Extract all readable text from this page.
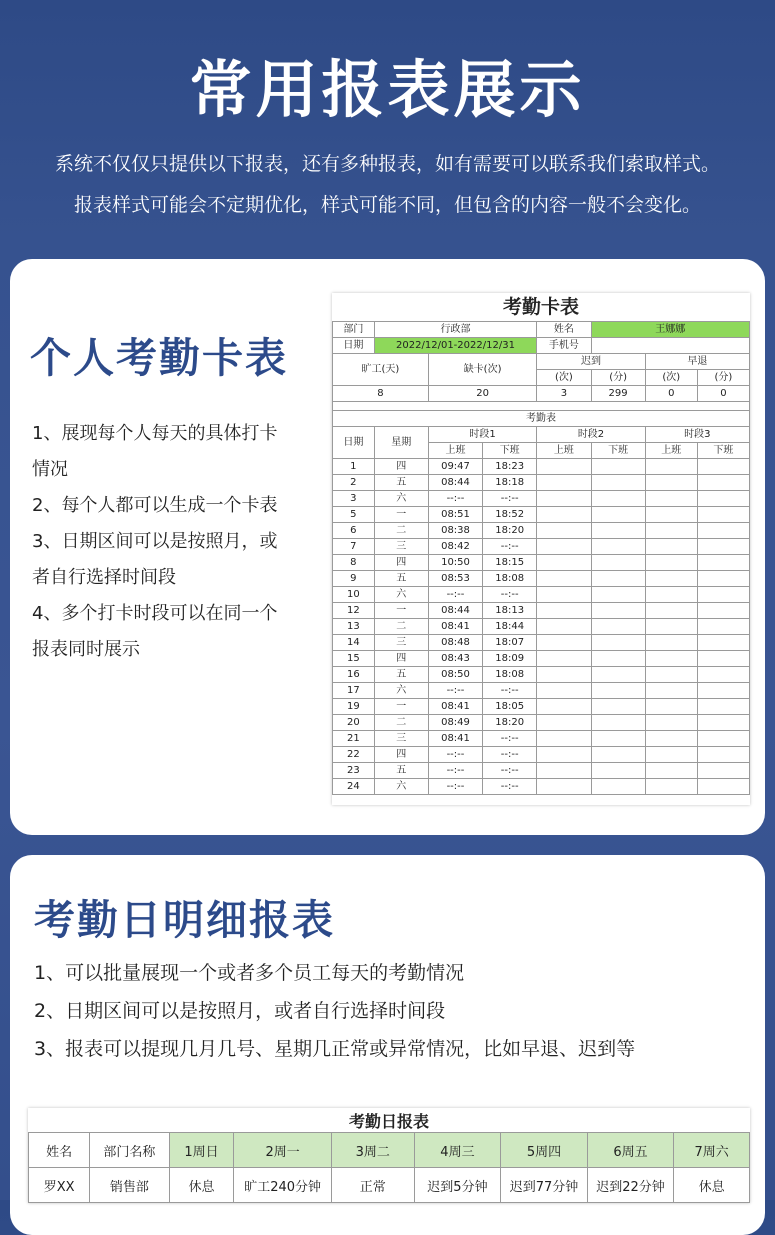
常用报表展示
系统不仅仅只提供以下报表，还有多种报表，如有需要可以联系我们索取样式。
报表样式可能会不定期优化，样式可能不同，但包含的内容一般不会变化。
个人考勤卡表
1、展现每个人每天的具体打卡
情况
2、每个人都可以生成一个卡表
3、日期区间可以是按照月，或
者自行选择时间段
4、多个打卡时段可以在同一个
报表同时展示
考勤卡表							
部门	行政部			姓名	王娜娜		
日期	2022/12/01-2022/12/31			手机号			
旷工(天)		缺卡(次)		迟到		早退	
				(次)	(分)	(次)	(分)
8		20		3	299	0	0

考勤表							
日期	星期	时段1		时段2		时段3	
		上班	下班	上班	下班	上班	下班
1	四	09:47	18:23				
2	五	08:44	18:18				
3	六	--:--	--:--				
5	一	08:51	18:52				
6	二	08:38	18:20				
7	三	08:42	--:--				
8	四	10:50	18:15				
9	五	08:53	18:08				
10	六	--:--	--:--				
12	一	08:44	18:13				
13	二	08:41	18:44				
14	三	08:48	18:07				
15	四	08:43	18:09				
16	五	08:50	18:08				
17	六	--:--	--:--				
19	一	08:41	18:05				
20	二	08:49	18:20				
21	三	08:41	--:--				
22	四	--:--	--:--				
23	五	--:--	--:--				
24	六	--:--	--:--				
考勤日明细报表
1、可以批量展现一个或者多个员工每天的考勤情况
2、日期区间可以是按照月，或者自行选择时间段
3、报表可以提现几月几号、星期几正常或异常情况，比如早退、迟到等
考勤日报表								
姓名	部门名称	1周日	2周一	3周二	4周三	5周四	6周五	7周六
罗XX	销售部	休息	旷工240分钟	正常	迟到5分钟	迟到77分钟	迟到22分钟	休息
